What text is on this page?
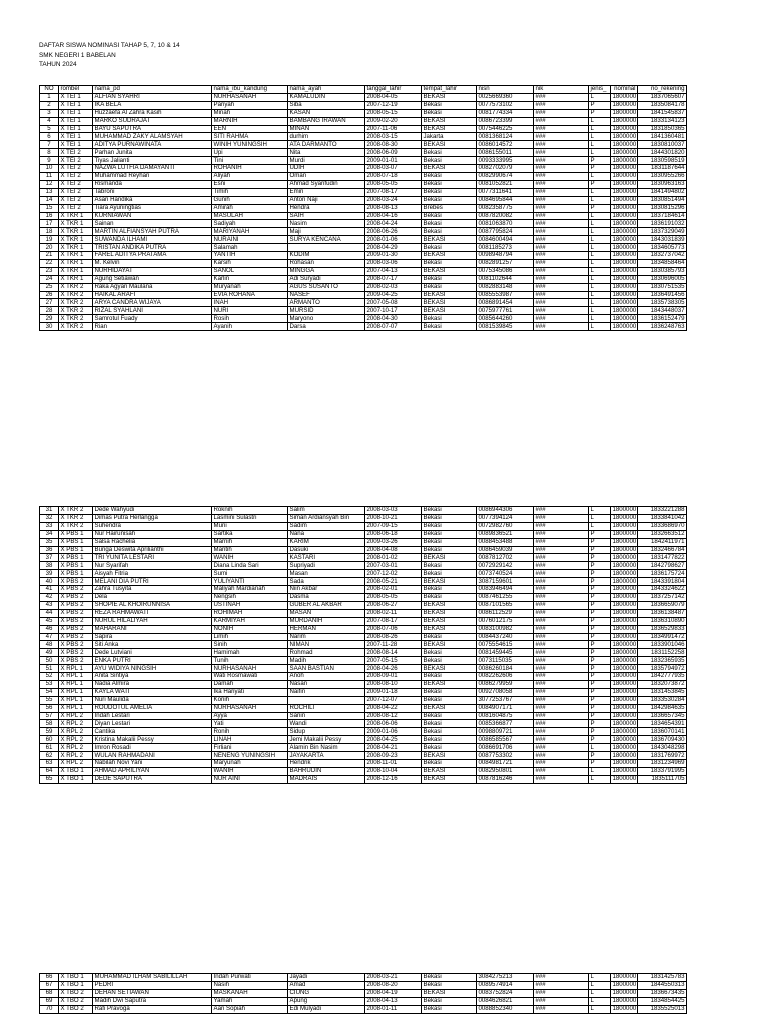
DAFTAR SISWA NOMINASI TAHAP 5, 7, 10 & 14
SMK NEGERI 1 BABELAN
TAHUN 2024
NO	rombel	nama_pd	nama_ibu_kandung	nama_ayah	tanggal_lahir	tempat_lahir	nisn	nik	jenis_	nominal	no_rekening
1	X TEI 1	ALFIAN SYAHRI	NURHASANAH	KAMALUDIN	2008-04-05	BEKASI	0025669360	###	L	1800000	1837065607
2	X TEI 1	IKA BELA	Pariyah	Siba	2007-12-19	Bekasi	0077573102	###	P	1800000	1835084178
3	X TEI 1	Huzzaefa Al Zahra Kasih	Minah	KASAN	2008-05-15	Bekasi	0081774334	###	P	1800000	1841545837
4	X TEI 1	MARKO SUDRAJAT	MARNIH	BAMBANG IRAWAN	2009-02-20	BEKASI	0086723399	###	L	1800000	1833134123
5	X TEI 1	BAYU SAPUTRA	EEN	MINAN	2007-11-06	BEKASI	0075446225	###	L	1800000	1831850365
6	X TEI 1	MUHAMMAD ZAKY ALAMSYAH	SITI RAHMA	durhim	2008-03-15	Jakarta	0081368124	###	L	1800000	1841360481
7	X TEI 1	ADITYA PURNAWINATA	WINIH YUNINGSIH	ATA DARMANTO	2008-08-30	BEKASI	0086014572	###	L	1800000	1830810037
8	X TEI 2	Parhan Junita	Upi	Nita	2008-06-09	Bekasi	0086155011	###	L	1800000	1844301820
9	X TEI 2	Tiyas Jalianti	Tini	Murdi	2009-01-01	Bekasi	0093333995	###	P	1800000	1830598519
10	X TEI 2	NAZWA LUTFIA DAMAYANTI	ROHANIH	UDIH	2008-03-07	BEKASI	0082702079	###	P	1800000	1831187644
11	X TEI 2	Muhammad Reyhan	Aliyah	Oman	2008-07-18	Bekasi	0082990674	###	L	1800000	1830955266
12	X TEI 2	Rismanda	Esni	Ahmad Syarifudin	2008-05-05	Bekasi	0081052821	###	P	1800000	1830963163
13	X TEI 2	Tabroni	Timih	Emin	2007-08-17	Bekasi	0077311641	###	L	1800000	1841494802
14	X TEI 2	Asan Handika	Gunih	Anton Naji	2008-03-24	Bekasi	0084695844	###	L	1800000	1830851494
15	X TEI 2	Tiara Ayuningtias	Amirah	Hendra	2008-08-13	Brebes	0082358775	###	P	1800000	1830815296
16	X TKR 1	KURNIAWAN	MASULAH	SAIH	2008-04-16	Bekasi	0087820082	###	L	1800000	1837184614
17	X TKR 1	Sainan	Sadiyah	Nasim	2008-04-24	Bekasi	0081063870	###	L	1800000	1836191032
18	X TKR 1	MARTIN ALFIANSYAH PUTRA	MARIYANAH	Maji	2008-06-26	Bekasi	0087795824	###	L	1800000	1837329049
19	X TKR 1	SUWANDA ILHAMI	NURAINI	SURYA KENCANA	2008-01-06	BEKASI	0084600494	###	L	1800000	1843031839
20	X TKR 1	TRISTAN ANDIKA PUTRA	Salamah		2008-04-29	Bekasi	0081185273	###	L	1800000	1834605773
21	X TKR 1	FAREL ADITYA PRATAMA	YANTIH	KODIM	2009-01-30	BEKASI	0098948794	###	L	1800000	1832737042
22	X TKR 1	M. Kelvin	Karsih	Rohasan	2008-03-06	Bekasi	0082891257	###	L	1800000	1834858464
23	X TKR 1	NURHIDAYAT	SANOL	MINGGA	2007-04-13	BEKASI	0075345086	###	L	1800000	1830385793
24	X TKR 1	Agung Setiawan	Karlin	Adi Suryadi	2008-07-17	Bekasi	0081102644	###	L	1800000	1830696005
25	X TKR 2	Raka Agyan Maulana	Muryanah	AGUS SUSANTO	2008-02-03	Bekasi	0082883148	###	L	1800000	1830751535
26	X TKR 2	HAIKAL ARAFI	EVIA ROHANA	NASEF	2009-04-25	BEKASI	0085553987	###	L	1800000	1836491456
27	X TKR 2	ARYA CANDRA WIJAYA	INAH	ARMANTO	2007-05-08	BEKASI	0086891454	###	L	1800000	1835738305
28	X TKR 2	RIZAL SYAHLANI	NURI	MURSID	2007-10-17	BEKASI	0075977761	###	L	1800000	1843448037
29	X TKR 2	Samrotul Fuady	Rosih	Maryono	2008-04-30	Bekasi	0085644260	###	L	1800000	1836152479
30	X TKR 2	Rian	Ayanih	Darsa	2008-07-07	Bekasi	0081539845	###	L	1800000	1836248763
31	X TKR 2	Dede Wahyudi	Roknih	Salim	2008-03-03	Bekasi	0086944306	###	L	1800000	1833221288
32	X TKR 2	Dimas Putra Herlangga	Lasmini Sulastri	Siman Ardiansyah Bin	2008-10-21	Bekasi	0077394124	###	L	1800000	1833841042
33	X TKR 2	Suhendra	Muni	Sadim	2007-09-15	Bekasi	0072982760	###	L	1800000	1833686970
34	X PBS 1	Nur Hairunisah	Sartika	Nana	2008-06-18	Bekasi	0089836521	###	P	1800000	1832663512
35	X PBS 1	Salsa Rachelia	Marnih	KARIM	2009-03-26	Bekasi	0088453488	###	P	1800000	1842411971
36	X PBS 1	Bunga Deswita Aprilianthi	Mantih	Dasuki	2008-04-08	Bekasi	0086459039	###	P	1800000	1832466784
37	X PBS 1	TRI YUNITA LESTARI	WANIH	KASTARI	2008-01-02	BEKASI	0087812702	###	P	1800000	1831477822
38	X PBS 1	Nur Syarifah	Diana Linda Sari	Supriyadi	2007-03-01	Bekasi	0072929142	###	P	1800000	1842798627
39	X PBS 1	Aisyah Fitria	Sumi	Masan	2007-12-02	Bekasi	0073740524	###	P	1800000	1836175724
40	X PBS 2	MELANI DIA PUTRI	YULIYANTI	Sada	2008-05-21	BEKASI	3087159601	###	P	1800000	1843391804
41	X PBS 2	Zahra Tusyita	Maliyah Mardianah	Niin Akbar	2008-02-01	Bekasi	0083946494	###	P	1800000	1843324622
42	X PBS 2	Dela	Nengsih	Dasma	2008-05-05	Bekasi	0087461255	###	P	1800000	1837257142
43	X PBS 2	SHOPIE AL KHOIRUNNISA	USTINAH	GUBER AL AKBAR	2008-06-27	BEKASI	0087101565	###	P	1800000	1836659079
44	X PBS 2	REZA RAHMAWATI	ROHIMAH	MASAN	2008-02-11	BEKASI	0086112529	###	P	1800000	1836138487
45	X PBS 2	NURUL HILALIYAH	KARMIYAH	MURDANIH	2007-08-17	BEKASI	0076012175	###	P	1800000	1836310890
46	X PBS 2	MAHARANI	NONIH	HERMAN	2008-07-06	BEKASI	0083100982	###	P	1800000	1836529833
47	X PBS 2	Sapira	Limih	Narim	2008-08-26	Bekasi	0084437240	###	P	1800000	1834991472
48	X PBS 2	Siti Anka	Sinih	NIMAN	2007-11-28	BEKASI	0075554615	###	P	1800000	1833901046
49	X PBS 2	Dede Lutviani	Hamimah	Rohmad	2008-08-14	Bekasi	0081459445	###	P	1800000	1831152258
50	X PBS 2	ENKA PUTRI	Tunih	Madih	2007-05-15	Bekasi	0073115035	###	P	1800000	1832365935
51	X RPL 1	AYU WIDIYA NINGSIH	NURHASANAH	SAAN BASTIAN	2008-04-26	BEKASI	0086260184	###	P	1800000	1835794972
52	X RPL 1	Anita Sintiya	Wati Rosmawati	Anoh	2008-09-01	Bekasi	0082262606	###	P	1800000	1842777935
53	X RPL 1	Nadia Almira	Damah	Nasan	2008-08-10	BEKASI	0086279959	###	P	1800000	1832073872
54	X RPL 1	KAYLA WATI	Ika Hariyati	Naifin	2009-01-18	Bekasi	0092708058	###	P	1800000	1831453845
55	X RPL 1	Nuri Maulida	Konih		2007-12-07	Bekasi	3077253767	###	P	1800000	1833530284
56	X RPL 1	ROUDOTUL AMELIA	NURHASANAH	ROCHILI	2008-04-22	BEKASI	0084907171	###	P	1800000	1842984635
57	X RPL 2	Indah Lestari	Ayya	Sanin	2008-08-12	Bekasi	0081604875	###	P	1800000	1836657345
58	X RPL 2	Diyan Lestari	Yati	Wandi	2008-06-06	Bekasi	0085366877	###	P	1800000	1834654391
59	X RPL 2	Cantika	Ronih	Sidup	2009-01-06	Bekasi	0098809721	###	P	1800000	1836070141
60	X RPL 2	Kristina Makalii Pessy	LINAH	Jemi Makalii Pessy	2008-04-25	Bekasi	0086585567	###	P	1800000	1836709430
61	X RPL 2	Imron Rosadi	Firliani	Alamin Bin Nasim	2008-04-21	Bekasi	0086691706	###	L	1800000	1843048298
62	X RPL 2	WULAN RAHMADANI	NENENG YUNINGSIH	JAYAKARTA	2008-09-23	BEKASI	0087753302	###	P	1800000	1831769972
63	X RPL 2	Nabilah Novi Yani	Maryunah	Hendrik	2008-11-01	Bekasi	0084981721	###	P	1800000	1831234969
64	X TBO 1	AHMAD APRILIYAN	WANIH	BAHRUDIN	2008-10-04	BEKASI	0082950801	###	L	1800000	1833791995
65	X TBO 1	DEDE SAPUTRA	NUR AINI	MADRAIS	2008-12-16	BEKASI	0087816246	###	L	1800000	1835111705
66	X TBO 1	MUHAMMAD ILHAM SABILILLAH	Indah Purwati	Jayadi	2008-03-21	Bekasi	3084275213	###	L	1800000	1831425783
67	X TBO 1	PEDRI	Nasih	Amad	2008-08-20	Bekasi	0089574914	###	L	1800000	1844550313
68	X TBO 2	DEHAN SETIAWAN	MASKANAH	CIUNG	2008-04-19	BEKASI	0083752824	###	L	1800000	1836673435
69	X TBO 2	Madih Dwi Saputra	Yamah	Apung	2008-04-13	Bekasi	0084626821	###	L	1800000	1834854425
70	X TBO 2	Rafi Pravoga	Aan Sopiah	Edi Mulyadi	2008-01-11	Bekasi	0088852340	###	L	1800000	1835525013
